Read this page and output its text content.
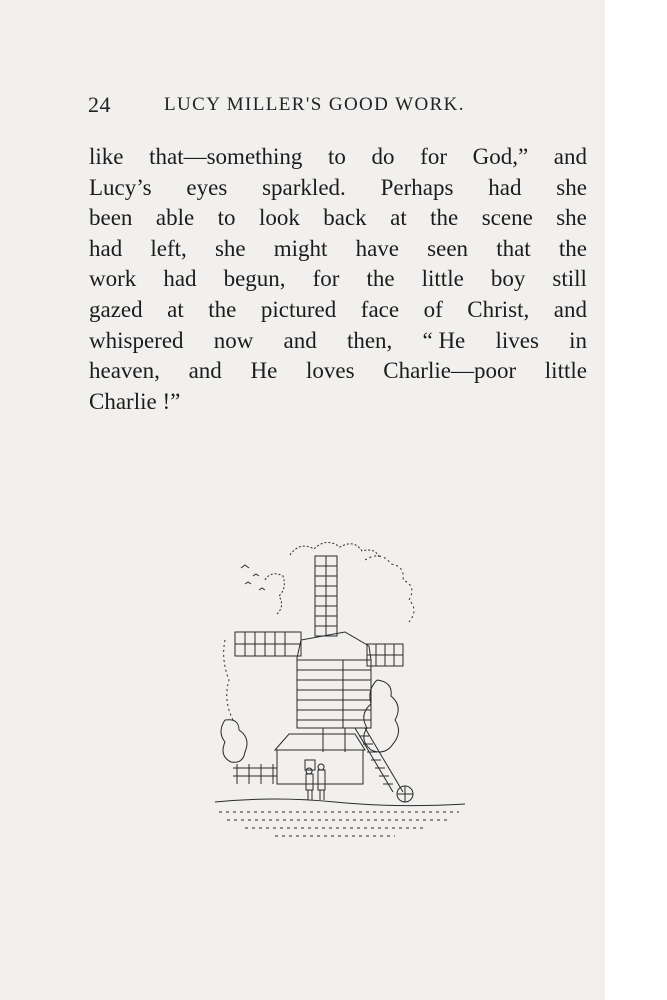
24	LUCY MILLER'S GOOD WORK.
like that—something to do for God,” and
Lucy’s eyes sparkled. Perhaps had she
been able to look back at the scene she
had left, she might have seen that the
work had begun, for the little boy still
gazed at the pictured face of Christ, and
whispered now and then, “ He lives in
heaven, and He loves Charlie—poor little
Charlie !”
